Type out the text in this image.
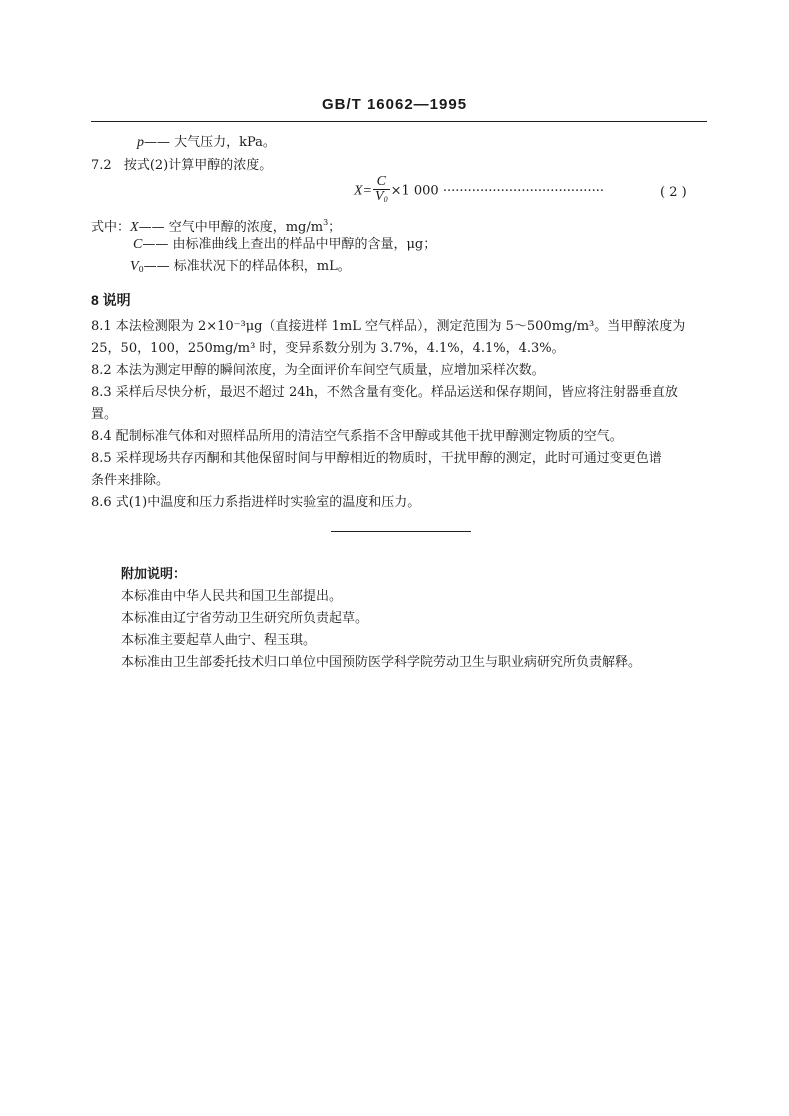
GB/T 16062—1995
p—— 大气压力，kPa。
7.2 按式(2)计算甲醇的浓度。
$X= \frac{C}{V_0} \times 1$ 000 ·······································	( 2 )
式中：X—— 空气中甲醇的浓度，$mg/m^3$；
C—— 由标准曲线上查出的样品中甲醇的含量，μg；
$V_0——$ 标准状况下的样品体积，mL。
8 说明
8.1 本法检测限为 2×10⁻³μg（直接进样 1mL 空气样品），测定范围为 5～500mg/m³。当甲醇浓度为
25，50，100，250mg/m³ 时，变异系数分别为 3.7%，4.1%，4.1%，4.3%。
8.2 本法为测定甲醇的瞬间浓度，为全面评价车间空气质量，应增加采样次数。
8.3 采样后尽快分析，最迟不超过 24h，不然含量有变化。样品运送和保存期间，皆应将注射器垂直放
置。
8.4 配制标准气体和对照样品所用的清洁空气系指不含甲醇或其他干扰甲醇测定物质的空气。
8.5 采样现场共存丙酮和其他保留时间与甲醇相近的物质时，干扰甲醇的测定，此时可通过变更色谱
条件来排除。
8.6 式(1)中温度和压力系指进样时实验室的温度和压力。
附加说明：
本标准由中华人民共和国卫生部提出。
本标准由辽宁省劳动卫生研究所负责起草。
本标准主要起草人曲宁、程玉琪。
本标准由卫生部委托技术归口单位中国预防医学科学院劳动卫生与职业病研究所负责解释。
